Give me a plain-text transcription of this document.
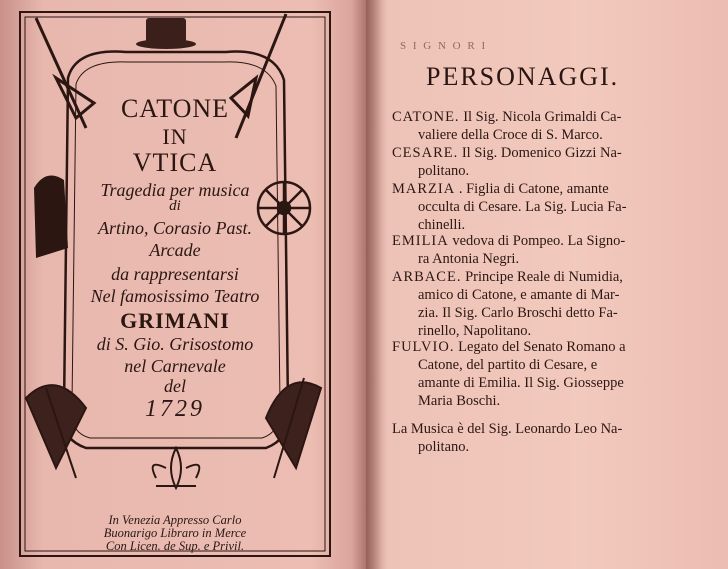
CATONE
IN
VTICA
Tragedia per musica
di
Artino, Corasio Past.
Arcade
da rappresentarsi
Nel famosissimo Teatro
GRIMANI
di S. Gio. Grisostomo
nel Carnevale
del
1729
In Venezia Appresso Carlo
Buonarigo Libraro in Merce
Con Licen. de Sup. e Privil.
S I G N O R I
PERSONAGGI.
CATONE. Il Sig. Nicola Grimaldi Ca-
valiere della Croce di S. Marco.
CESARE. Il Sig. Domenico Gizzi Na-
politano.
MARZIA . Figlia di Catone, amante
occulta di Cesare. La Sig. Lucia Fa-
chinelli.
EMILIA vedova di Pompeo. La Signo-
ra Antonia Negri.
ARBACE. Principe Reale di Numidia,
amico di Catone, e amante di Mar-
zia. Il Sig. Carlo Broschi detto Fa-
rinello, Napolitano.
FULVIO. Legato del Senato Romano a
Catone, del partito di Cesare, e
amante di Emilia. Il Sig. Giosseppe
Maria Boschi.
La Musica è del Sig. Leonardo Leo Na-
politano.
